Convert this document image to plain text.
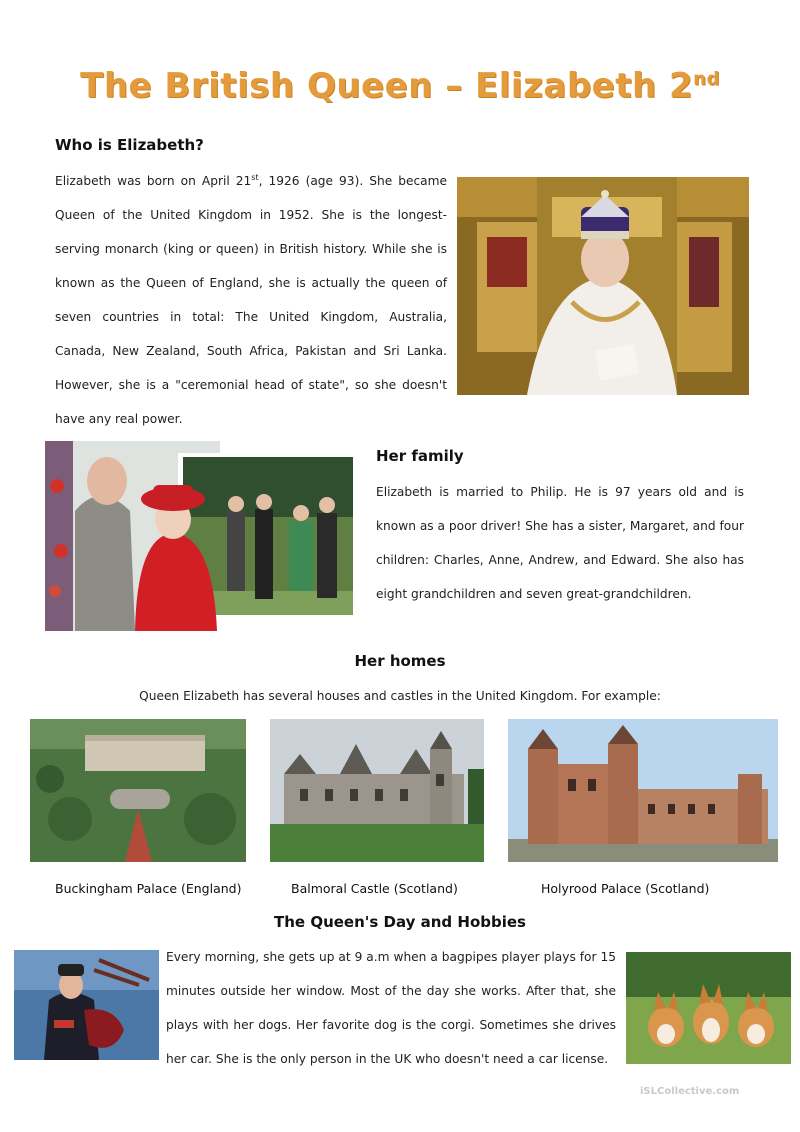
The British Queen – Elizabeth 2nd
Who is Elizabeth?
Elizabeth was born on April 21st, 1926 (age 93). She became Queen of the United Kingdom in 1952. She is the longest-serving monarch (king or queen) in British history. While she is known as the Queen of England, she is actually the queen of seven countries in total: The United Kingdom, Australia, Canada, New Zealand, South Africa, Pakistan and Sri Lanka. However, she is a "ceremonial head of state", so she doesn't have any real power.
Her family
Elizabeth is married to Philip. He is 97 years old and is known as a poor driver! She has a sister, Margaret, and four children: Charles, Anne, Andrew, and Edward. She also has eight grandchildren and seven great-grandchildren.
Her homes
Queen Elizabeth has several houses and castles in the United Kingdom. For example:
Buckingham Palace (England)	Balmoral Castle (Scotland)	Holyrood Palace (Scotland)
The Queen's Day and Hobbies
Every morning, she gets up at 9 a.m when a bagpipes player plays for 15 minutes outside her window. Most of the day she works. After that, she plays with her dogs. Her favorite dog is the corgi. Sometimes she drives her car. She is the only person in the UK who doesn't need a car license.
iSLCollective.com
